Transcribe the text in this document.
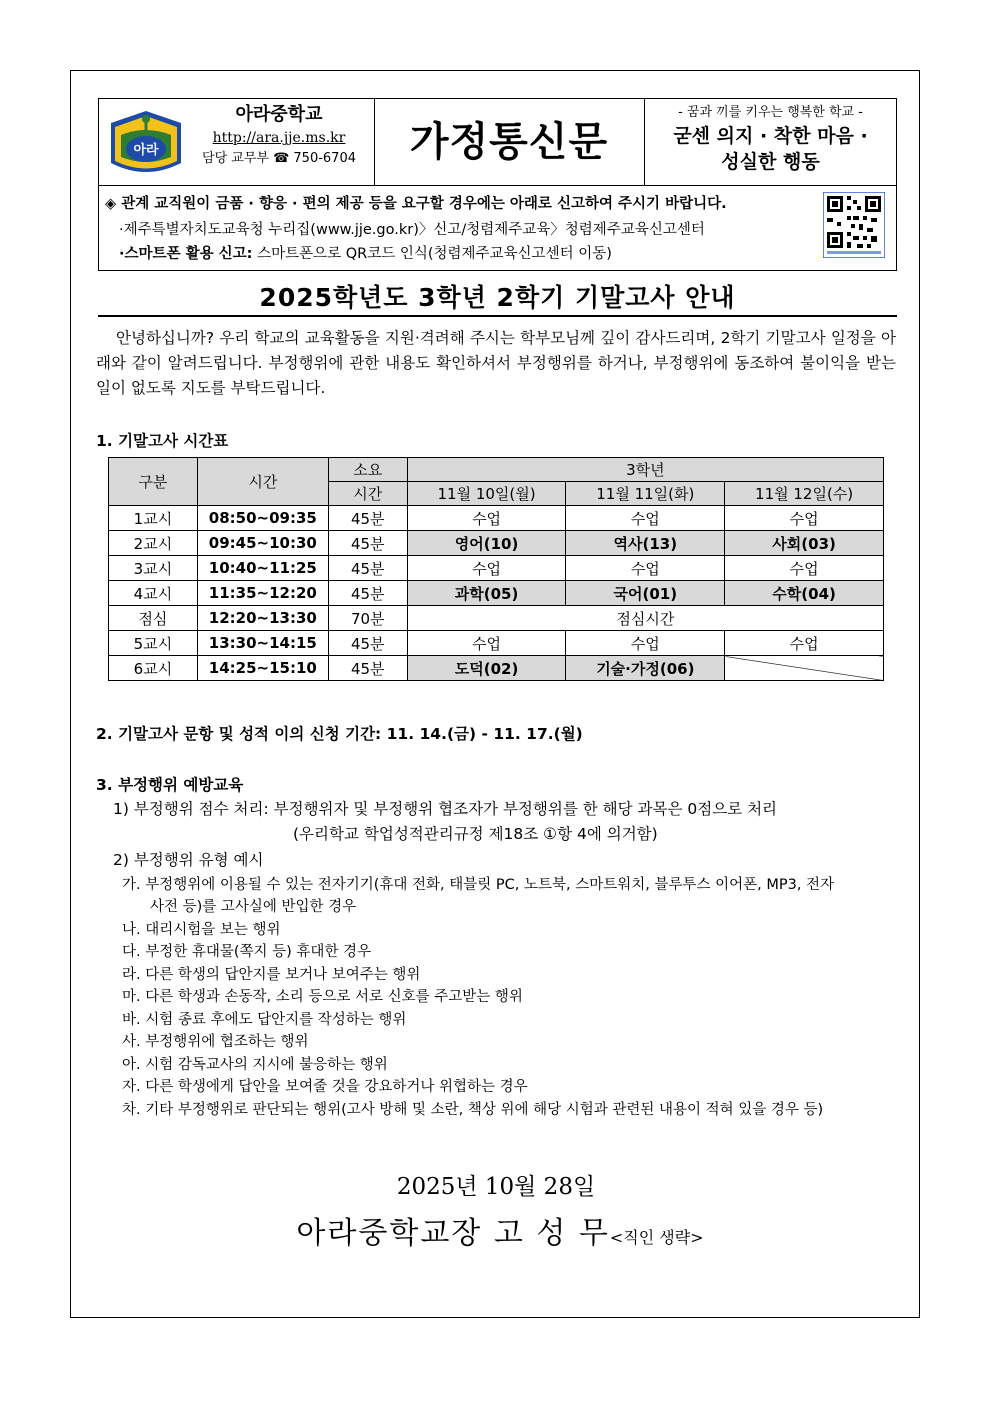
아라
아라중학교
http://ara.jje.ms.kr
담당 교무부 ☎ 750-6704	가정통신문
- 꿈과 끼를 키우는 행복한 학교 -
굳센 의지 · 착한 마음 ·
성실한 행동
◈ 관계 교직원이 금품 · 향응 · 편의 제공 등을 요구할 경우에는 아래로 신고하여 주시기 바랍니다.
·제주특별자치도교육청 누리집(www.jje.go.kr)〉신고/청렴제주교육〉청렴제주교육신고센터
·스마트폰 활용 신고: 스마트폰으로 QR코드 인식(청렴제주교육신고센터 이동)
2025학년도 3학년 2학기 기말고사 안내
안녕하십니까? 우리 학교의 교육활동을 지원·격려해 주시는 학부모님께 깊이 감사드리며, 2학기 기말고사 일정을 아래와 같이 알려드립니다. 부정행위에 관한 내용도 확인하셔서 부정행위를 하거나, 부정행위에 동조하여 불이익을 받는 일이 없도록 지도를 부탁드립니다.
1. 기말고사 시간표
구분	시간	소요	3학년		
		시간	11월 10일(월)	11월 11일(화)	11월 12일(수)
1교시	08:50~09:35	45분	수업	수업	수업
2교시	09:45~10:30	45분	영어(10)	역사(13)	사회(03)
3교시	10:40~11:25	45분	수업	수업	수업
4교시	11:35~12:20	45분	과학(05)	국어(01)	수학(04)
점심	12:20~13:30	70분	점심시간		
5교시	13:30~14:15	45분	수업	수업	수업
6교시	14:25~15:10	45분	도덕(02)	기술·가정(06)	
2. 기말고사 문항 및 성적 이의 신청 기간: 11. 14.(금) - 11. 17.(월)
3. 부정행위 예방교육
1) 부정행위 점수 처리: 부정행위자 및 부정행위 협조자가 부정행위를 한 해당 과목은 0점으로 처리
(우리학교 학업성적관리규정 제18조 ①항 4에 의거함)
2) 부정행위 유형 예시
가. 부정행위에 이용될 수 있는 전자기기(휴대 전화, 태블릿 PC, 노트북, 스마트워치, 블루투스 이어폰, MP3, 전자
사전 등)를 고사실에 반입한 경우
나. 대리시험을 보는 행위
다. 부정한 휴대물(쪽지 등) 휴대한 경우
라. 다른 학생의 답안지를 보거나 보여주는 행위
마. 다른 학생과 손동작, 소리 등으로 서로 신호를 주고받는 행위
바. 시험 종료 후에도 답안지를 작성하는 행위
사. 부정행위에 협조하는 행위
아. 시험 감독교사의 지시에 불응하는 행위
자. 다른 학생에게 답안을 보여줄 것을 강요하거나 위협하는 경우
차. 기타 부정행위로 판단되는 행위(고사 방해 및 소란, 책상 위에 해당 시험과 관련된 내용이 적혀 있을 경우 등)
2025년 10월 28일
아라중학교장 고 성 무<직인 생략>
